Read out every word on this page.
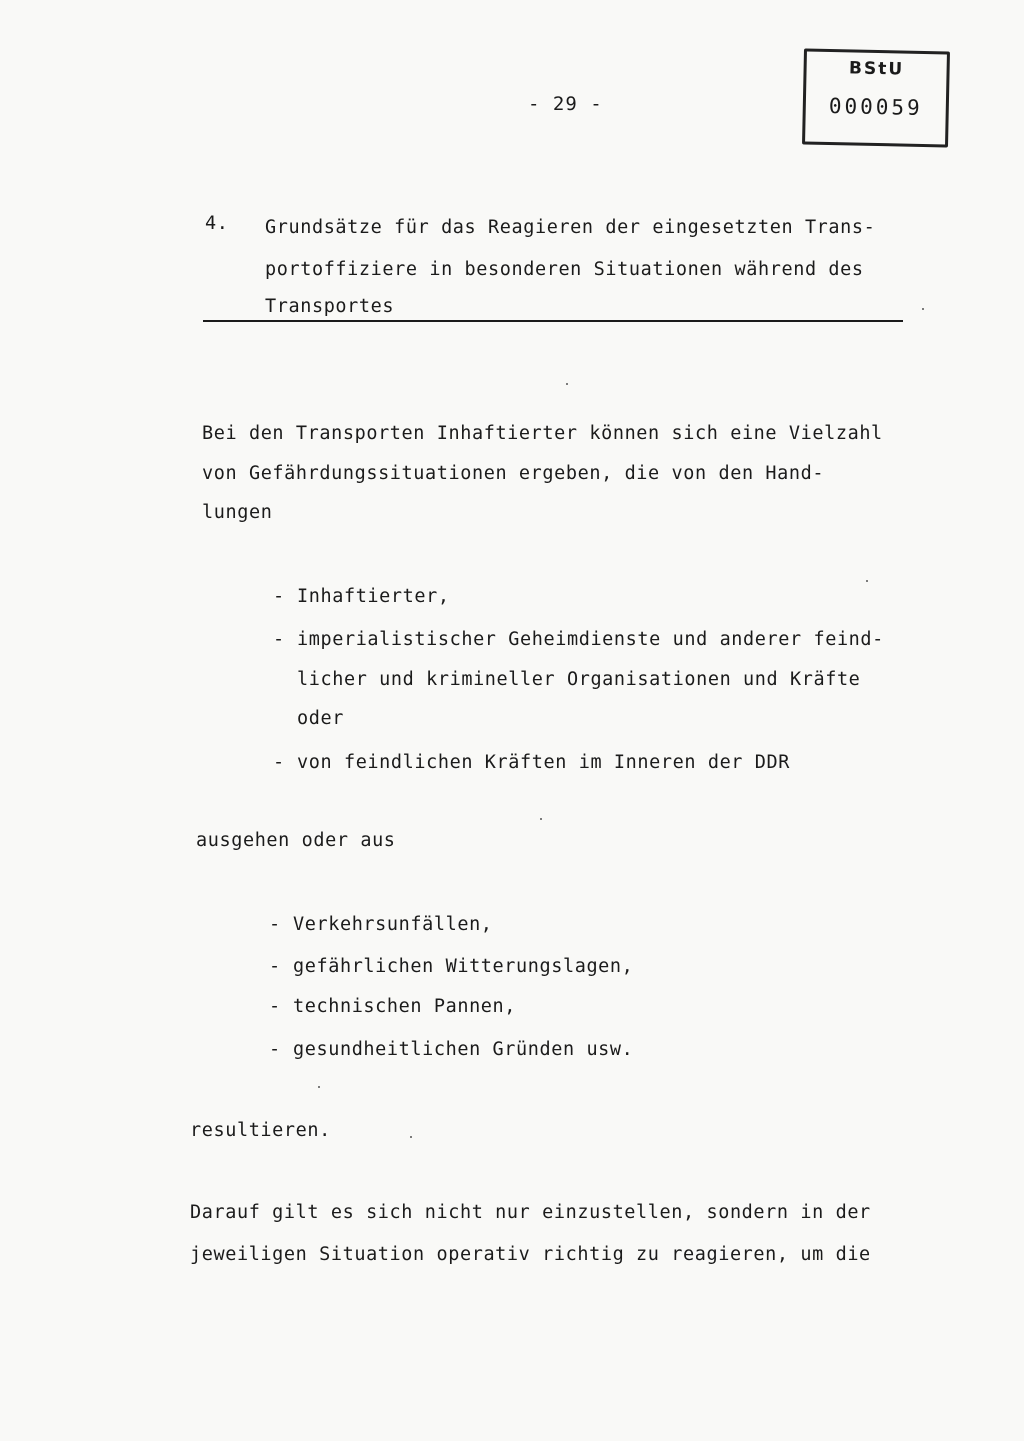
- 29 -
BStU
000059
4. Grundsätze für das Reagieren der eingesetzten Trans-
portoffiziere in besonderen Situationen während des
Transportes
Bei den Transporten Inhaftierter können sich eine Vielzahl
von Gefährdungssituationen ergeben, die von den Hand-
lungen
- Inhaftierter,
- imperialistischer Geheimdienste und anderer feind-
licher und krimineller Organisationen und Kräfte
oder
- von feindlichen Kräften im Inneren der DDR
ausgehen oder aus
- Verkehrsunfällen,
- gefährlichen Witterungslagen,
- technischen Pannen,
- gesundheitlichen Gründen usw.
resultieren.
Darauf gilt es sich nicht nur einzustellen, sondern in der
jeweiligen Situation operativ richtig zu reagieren, um die
